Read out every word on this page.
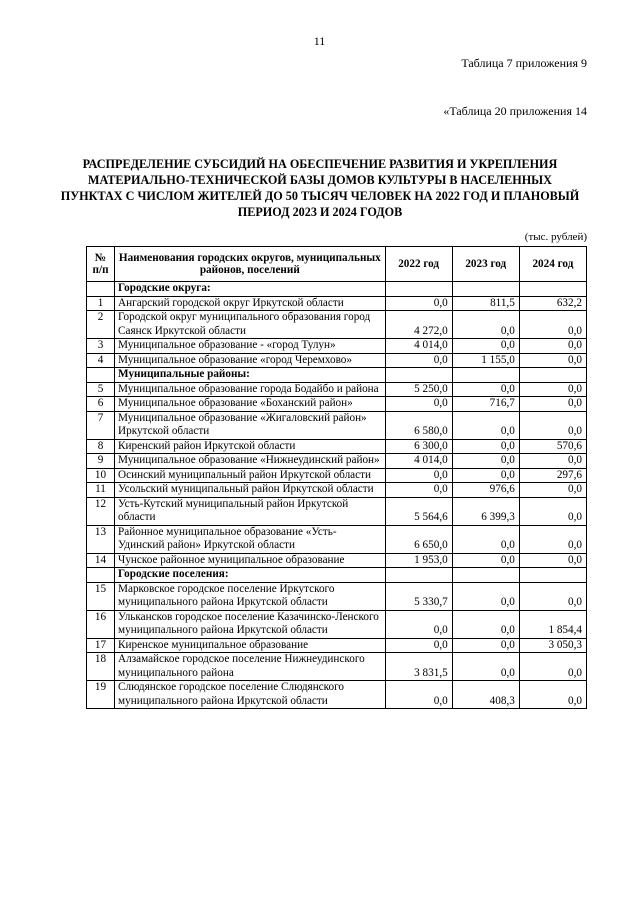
11
Таблица 7 приложения 9
«Таблица 20 приложения 14
РАСПРЕДЕЛЕНИЕ СУБСИДИЙ НА ОБЕСПЕЧЕНИЕ РАЗВИТИЯ И УКРЕПЛЕНИЯ МАТЕРИАЛЬНО-ТЕХНИЧЕСКОЙ БАЗЫ ДОМОВ КУЛЬТУРЫ В НАСЕЛЕННЫХ ПУНКТАХ С ЧИСЛОМ ЖИТЕЛЕЙ ДО 50 ТЫСЯЧ ЧЕЛОВЕК НА 2022 ГОД И ПЛАНОВЫЙ ПЕРИОД 2023 И 2024 ГОДОВ
(тыс. рублей)
№ п/п	Наименования городских округов, муниципальных районов, поселений	2022 год	2023 год	2024 год
	Городские округа:			
1	Ангарский городской округ Иркутской области	0,0	811,5	632,2
2	Городской округ муниципального образования город Саянск Иркутской области	4 272,0	0,0	0,0
3	Муниципальное образование - «город Тулун»	4 014,0	0,0	0,0
4	Муниципальное образование «город Черемхово»	0,0	1 155,0	0,0
	Муниципальные районы:			
5	Муниципальное образование города Бодайбо и района	5 250,0	0,0	0,0
6	Муниципальное образование «Боханский район»	0,0	716,7	0,0
7	Муниципальное образование «Жигаловский район» Иркутской области	6 580,0	0,0	0,0
8	Киренский район Иркутской области	6 300,0	0,0	570,6
9	Муниципальное образование «Нижнеудинский район»	4 014,0	0,0	0,0
10	Осинский муниципальный район Иркутской области	0,0	0,0	297,6
11	Усольский муниципальный район Иркутской области	0,0	976,6	0,0
12	Усть-Кутский муниципальный район Иркутской области	5 564,6	6 399,3	0,0
13	Районное муниципальное образование «Усть-Удинский район» Иркутской области	6 650,0	0,0	0,0
14	Чунское районное муниципальное образование	1 953,0	0,0	0,0
	Городские поселения:			
15	Марковское городское поселение Иркутского муниципального района Иркутской области	5 330,7	0,0	0,0
16	Улькансков городское поселение Казачинско-Ленского муниципального района Иркутской области	0,0	0,0	1 854,4
17	Киренское муниципальное образование	0,0	0,0	3 050,3
18	Алзамайское городское поселение Нижнеудинского муниципального района	3 831,5	0,0	0,0
19	Слюдянское городское поселение Слюдянского муниципального района Иркутской области	0,0	408,3	0,0
